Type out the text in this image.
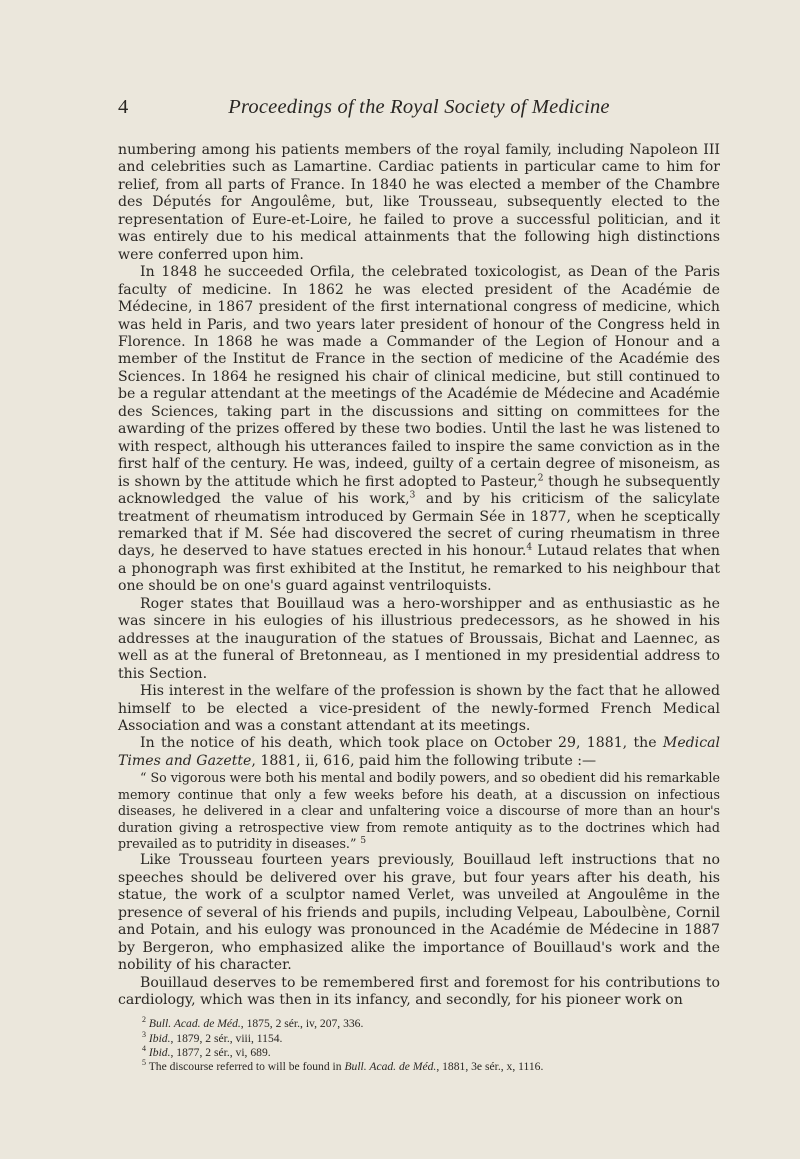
4	Proceedings of the Royal Society of Medicine

numbering among his patients members of the royal family, including Napoleon III and celebrities such as Lamartine. Cardiac patients in particular came to him for relief, from all parts of France. In 1840 he was elected a member of the Chambre des Députés for Angoulême, but, like Trousseau, subsequently elected to the representation of Eure-et-Loire, he failed to prove a successful politician, and it was entirely due to his medical attainments that the following high distinctions were conferred upon him.

In 1848 he succeeded Orfila, the celebrated toxicologist, as Dean of the Paris faculty of medicine. In 1862 he was elected president of the Académie de Médecine, in 1867 president of the first international congress of medicine, which was held in Paris, and two years later president of honour of the Congress held in Florence. In 1868 he was made a Commander of the Legion of Honour and a member of the Institut de France in the section of medicine of the Académie des Sciences. In 1864 he resigned his chair of clinical medicine, but still continued to be a regular attendant at the meetings of the Académie de Médecine and Académie des Sciences, taking part in the discussions and sitting on committees for the awarding of the prizes offered by these two bodies. Until the last he was listened to with respect, although his utterances failed to inspire the same conviction as in the first half of the century. He was, indeed, guilty of a certain degree of misoneism, as is shown by the attitude which he first adopted to Pasteur,$^2$ though he subsequently acknowledged the value of his work,$^3$ and by his criticism of the salicylate treatment of rheumatism introduced by Germain Sée in 1877, when he sceptically remarked that if M. Sée had discovered the secret of curing rheumatism in three days, he deserved to have statues erected in his honour.$^4$ Lutaud relates that when a phonograph was first exhibited at the Institut, he remarked to his neighbour that one should be on one's guard against ventriloquists.

Roger states that Bouillaud was a hero-worshipper and as enthusiastic as he was sincere in his eulogies of his illustrious predecessors, as he showed in his addresses at the inauguration of the statues of Broussais, Bichat and Laennec, as well as at the funeral of Bretonneau, as I mentioned in my presidential address to this Section.

His interest in the welfare of the profession is shown by the fact that he allowed himself to be elected a vice-president of the newly-formed French Medical Association and was a constant attendant at its meetings.

In the notice of his death, which took place on October 29, 1881, the Medical Times and Gazette, 1881, ii, 616, paid him the following tribute :—

“ So vigorous were both his mental and bodily powers, and so obedient did his remarkable memory continue that only a few weeks before his death, at a discussion on infectious diseases, he delivered in a clear and unfaltering voice a discourse of more than an hour's duration giving a retrospective view from remote antiquity as to the doctrines which had prevailed as to putridity in diseases.” $^5$

Like Trousseau fourteen years previously, Bouillaud left instructions that no speeches should be delivered over his grave, but four years after his death, his statue, the work of a sculptor named Verlet, was unveiled at Angoulême in the presence of several of his friends and pupils, including Velpeau, Laboulbène, Cornil and Potain, and his eulogy was pronounced in the Académie de Médecine in 1887 by Bergeron, who emphasized alike the importance of Bouillaud's work and the nobility of his character.

Bouillaud deserves to be remembered first and foremost for his contributions to cardiology, which was then in its infancy, and secondly, for his pioneer work on

$^2$ Bull. Acad. de Méd., 1875, 2 sér., iv, 207, 336.

$^3$ Ibid., 1879, 2 sér., viii, 1154.

$^4$ Ibid., 1877, 2 sér., vi, 689.

$^5$ The discourse referred to will be found in Bull. Acad. de Méd., 1881, 3e sér., x, 1116.
